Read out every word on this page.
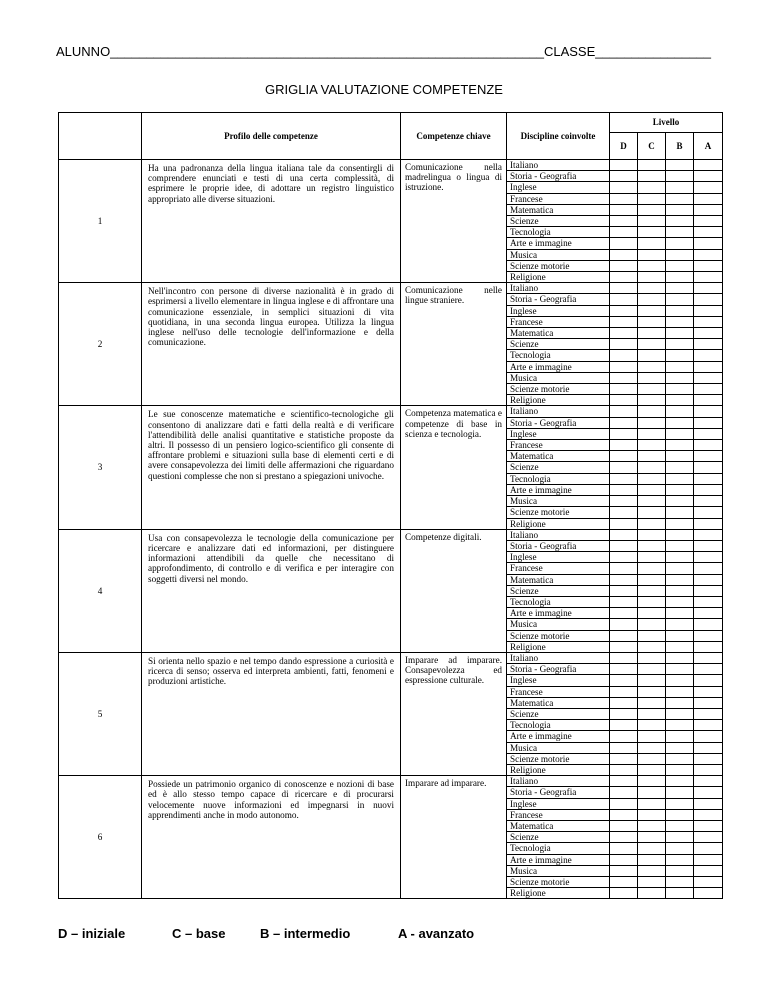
ALUNNO____________________________________________________________CLASSE________________
GRIGLIA VALUTAZIONE COMPETENZE
	Profilo delle competenze	Competenze chiave	Discipline coinvolte	Livello			
				D	C	B	A
1	Ha una padronanza della lingua italiana tale da consentirgli di comprendere enunciati e testi di una certa complessità, di esprimere le proprie idee, di adottare un registro linguistico appropriato alle diverse situazioni.	Comunicazione nella madrelingua o lingua di istruzione.	Italiano				
			Storia - Geografia				
			Inglese				
			Francese				
			Matematica				
			Scienze				
			Tecnologia				
			Arte e immagine				
			Musica				
			Scienze motorie				
			Religione				
2	Nell'incontro con persone di diverse nazionalità è in grado di esprimersi a livello elementare in lingua inglese e di affrontare una comunicazione essenziale, in semplici situazioni di vita quotidiana, in una seconda lingua europea. Utilizza la lingua inglese nell'uso delle tecnologie dell'informazione e della comunicazione.	Comunicazione nelle lingue straniere.	Italiano				
			Storia - Geografia				
			Inglese				
			Francese				
			Matematica				
			Scienze				
			Tecnologia				
			Arte e immagine				
			Musica				
			Scienze motorie				
			Religione				
3	Le sue conoscenze matematiche e scientifico-tecnologiche gli consentono di analizzare dati e fatti della realtà e di verificare l'attendibilità delle analisi quantitative e statistiche proposte da altri. Il possesso di un pensiero logico-scientifico gli consente di affrontare problemi e situazioni sulla base di elementi certi e di avere consapevolezza dei limiti delle affermazioni che riguardano questioni complesse che non si prestano a spiegazioni univoche.	Competenza matematica e competenze di base in scienza e tecnologia.	Italiano				
			Storia - Geografia				
			Inglese				
			Francese				
			Matematica				
			Scienze				
			Tecnologia				
			Arte e immagine				
			Musica				
			Scienze motorie				
			Religione				
4	Usa con consapevolezza le tecnologie della comunicazione per ricercare e analizzare dati ed informazioni, per distinguere informazioni attendibili da quelle che necessitano di approfondimento, di controllo e di verifica e per interagire con soggetti diversi nel mondo.	Competenze digitali.	Italiano				
			Storia - Geografia				
			Inglese				
			Francese				
			Matematica				
			Scienze				
			Tecnologia				
			Arte e immagine				
			Musica				
			Scienze motorie				
			Religione				
5	Si orienta nello spazio e nel tempo dando espressione a curiosità e ricerca di senso; osserva ed interpreta ambienti, fatti, fenomeni e produzioni artistiche.	Imparare ad imparare. Consapevolezza ed espressione culturale.	Italiano				
			Storia - Geografia				
			Inglese				
			Francese				
			Matematica				
			Scienze				
			Tecnologia				
			Arte e immagine				
			Musica				
			Scienze motorie				
			Religione				
6	Possiede un patrimonio organico di conoscenze e nozioni di base ed è allo stesso tempo capace di ricercare e di procurarsi velocemente nuove informazioni ed impegnarsi in nuovi apprendimenti anche in modo autonomo.	Imparare ad imparare.	Italiano				
			Storia - Geografia				
			Inglese				
			Francese				
			Matematica				
			Scienze				
			Tecnologia				
			Arte e immagine				
			Musica				
			Scienze motorie				
			Religione				
D – iniziale	C – base	B – intermedio	A - avanzato
